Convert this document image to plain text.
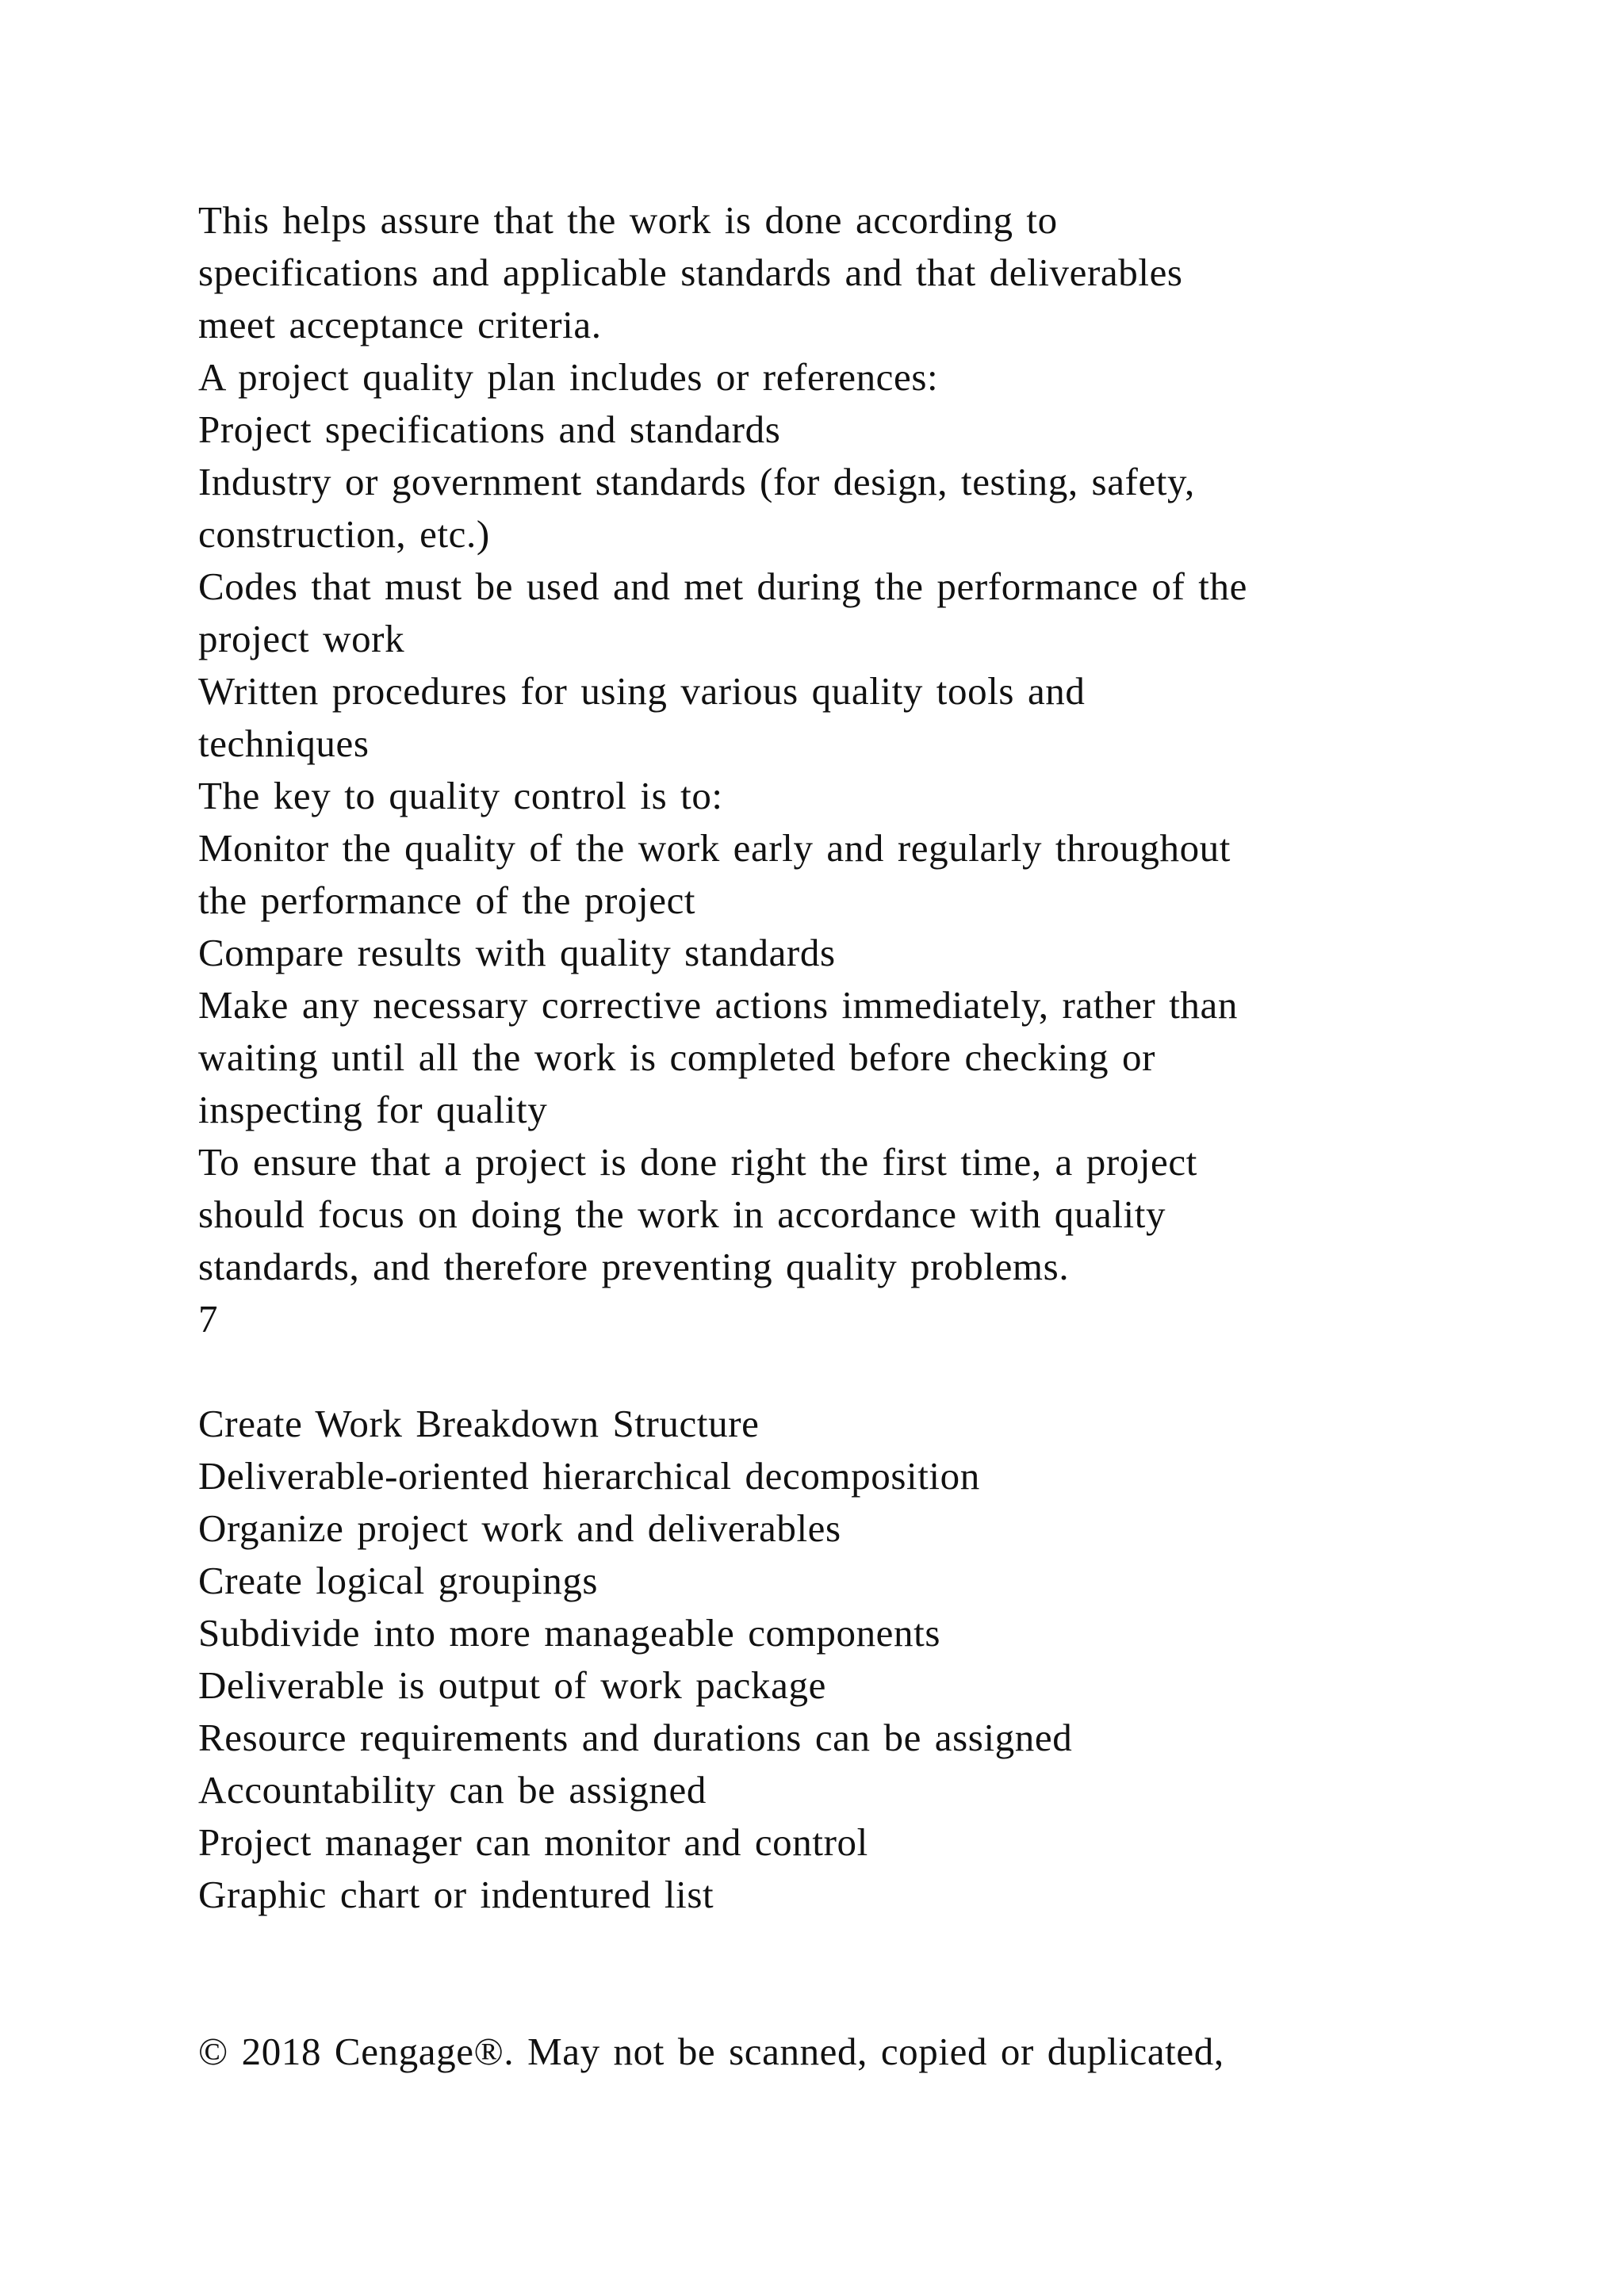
This helps assure that the work is done according to
specifications and applicable standards and that deliverables
meet acceptance criteria.
A project quality plan includes or references:
Project specifications and standards
Industry or government standards (for design, testing, safety,
construction, etc.)
Codes that must be used and met during the performance of the
project work
Written procedures for using various quality tools and
techniques
The key to quality control is to:
Monitor the quality of the work early and regularly throughout
the performance of the project
Compare results with quality standards
Make any necessary corrective actions immediately, rather than
waiting until all the work is completed before checking or
inspecting for quality
To ensure that a project is done right the first time, a project
should focus on doing the work in accordance with quality
standards, and therefore preventing quality problems.
7
Create Work Breakdown Structure
Deliverable-oriented hierarchical decomposition
Organize project work and deliverables
Create logical groupings
Subdivide into more manageable components
Deliverable is output of work package
Resource requirements and durations can be assigned
Accountability can be assigned
Project manager can monitor and control
Graphic chart or indentured list
© 2018 Cengage®. May not be scanned, copied or duplicated,
